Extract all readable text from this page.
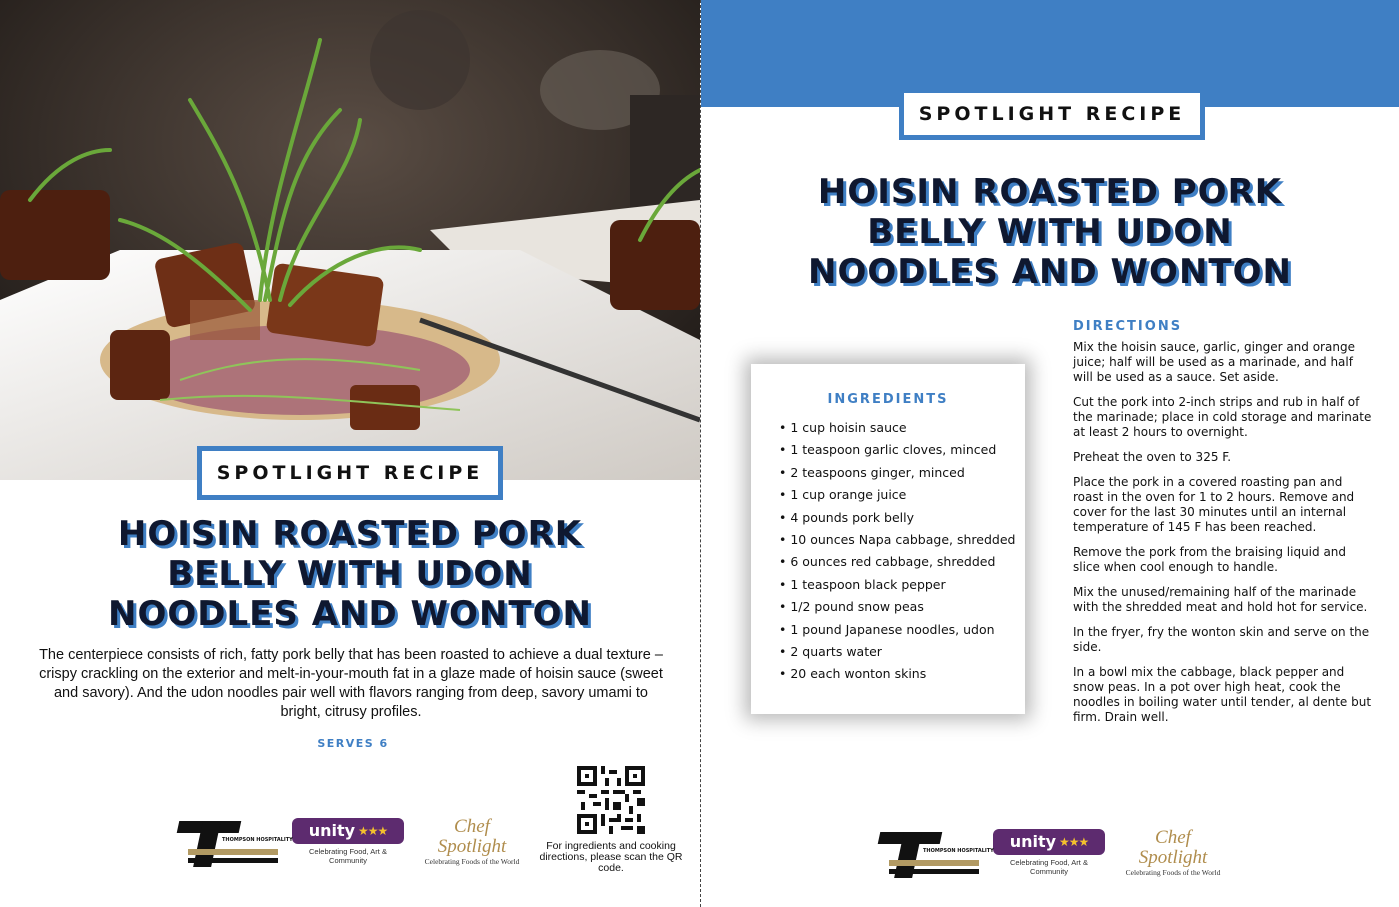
SPOTLIGHT RECIPE
HOISIN ROASTED PORK
BELLY WITH UDON
NOODLES AND WONTON

The centerpiece consists of rich, fatty pork belly that has been roasted to achieve a dual texture – crispy crackling on the exterior and melt-in-your-mouth fat in a glaze made of hoisin sauce (sweet and savory). And the udon noodles pair well with flavors ranging from deep, savory umami to bright, citrusy profiles.

SERVES 6
THOMPSON HOSPITALITY unity ★★★
Celebrating Food, Art & Community
Chef Spotlight
Celebrating Foods of the World
For ingredients and cooking directions, please scan the QR code.
SPOTLIGHT RECIPE
HOISIN ROASTED PORK
BELLY WITH UDON
NOODLES AND WONTON
INGREDIENTS
• 1 cup hoisin sauce
• 1 teaspoon garlic cloves, minced
• 2 teaspoons ginger, minced
• 1 cup orange juice
• 4 pounds pork belly
• 10 ounces Napa cabbage, shredded
• 6 ounces red cabbage, shredded
• 1 teaspoon black pepper
• 1/2 pound snow peas
• 1 pound Japanese noodles, udon
• 2 quarts water
• 20 each wonton skins
DIRECTIONS

Mix the hoisin sauce, garlic, ginger and orange juice; half will be used as a marinade, and half will be used as a sauce. Set aside.

Cut the pork into 2-inch strips and rub in half of the marinade; place in cold storage and marinate at least 2 hours to overnight.

Preheat the oven to 325 F.

Place the pork in a covered roasting pan and roast in the oven for 1 to 2 hours. Remove and cover for the last 30 minutes until an internal temperature of 145 F has been reached.

Remove the pork from the braising liquid and slice when cool enough to handle.

Mix the unused/remaining half of the marinade with the shredded meat and hold hot for service.

In the fryer, fry the wonton skin and serve on the side.

In a bowl mix the cabbage, black pepper and snow peas. In a pot over high heat, cook the noodles in boiling water until tender, al dente but firm. Drain well.

THOMPSON HOSPITALITY unity ★★★
Celebrating Food, Art & Community
Chef Spotlight
Celebrating Foods of the World
